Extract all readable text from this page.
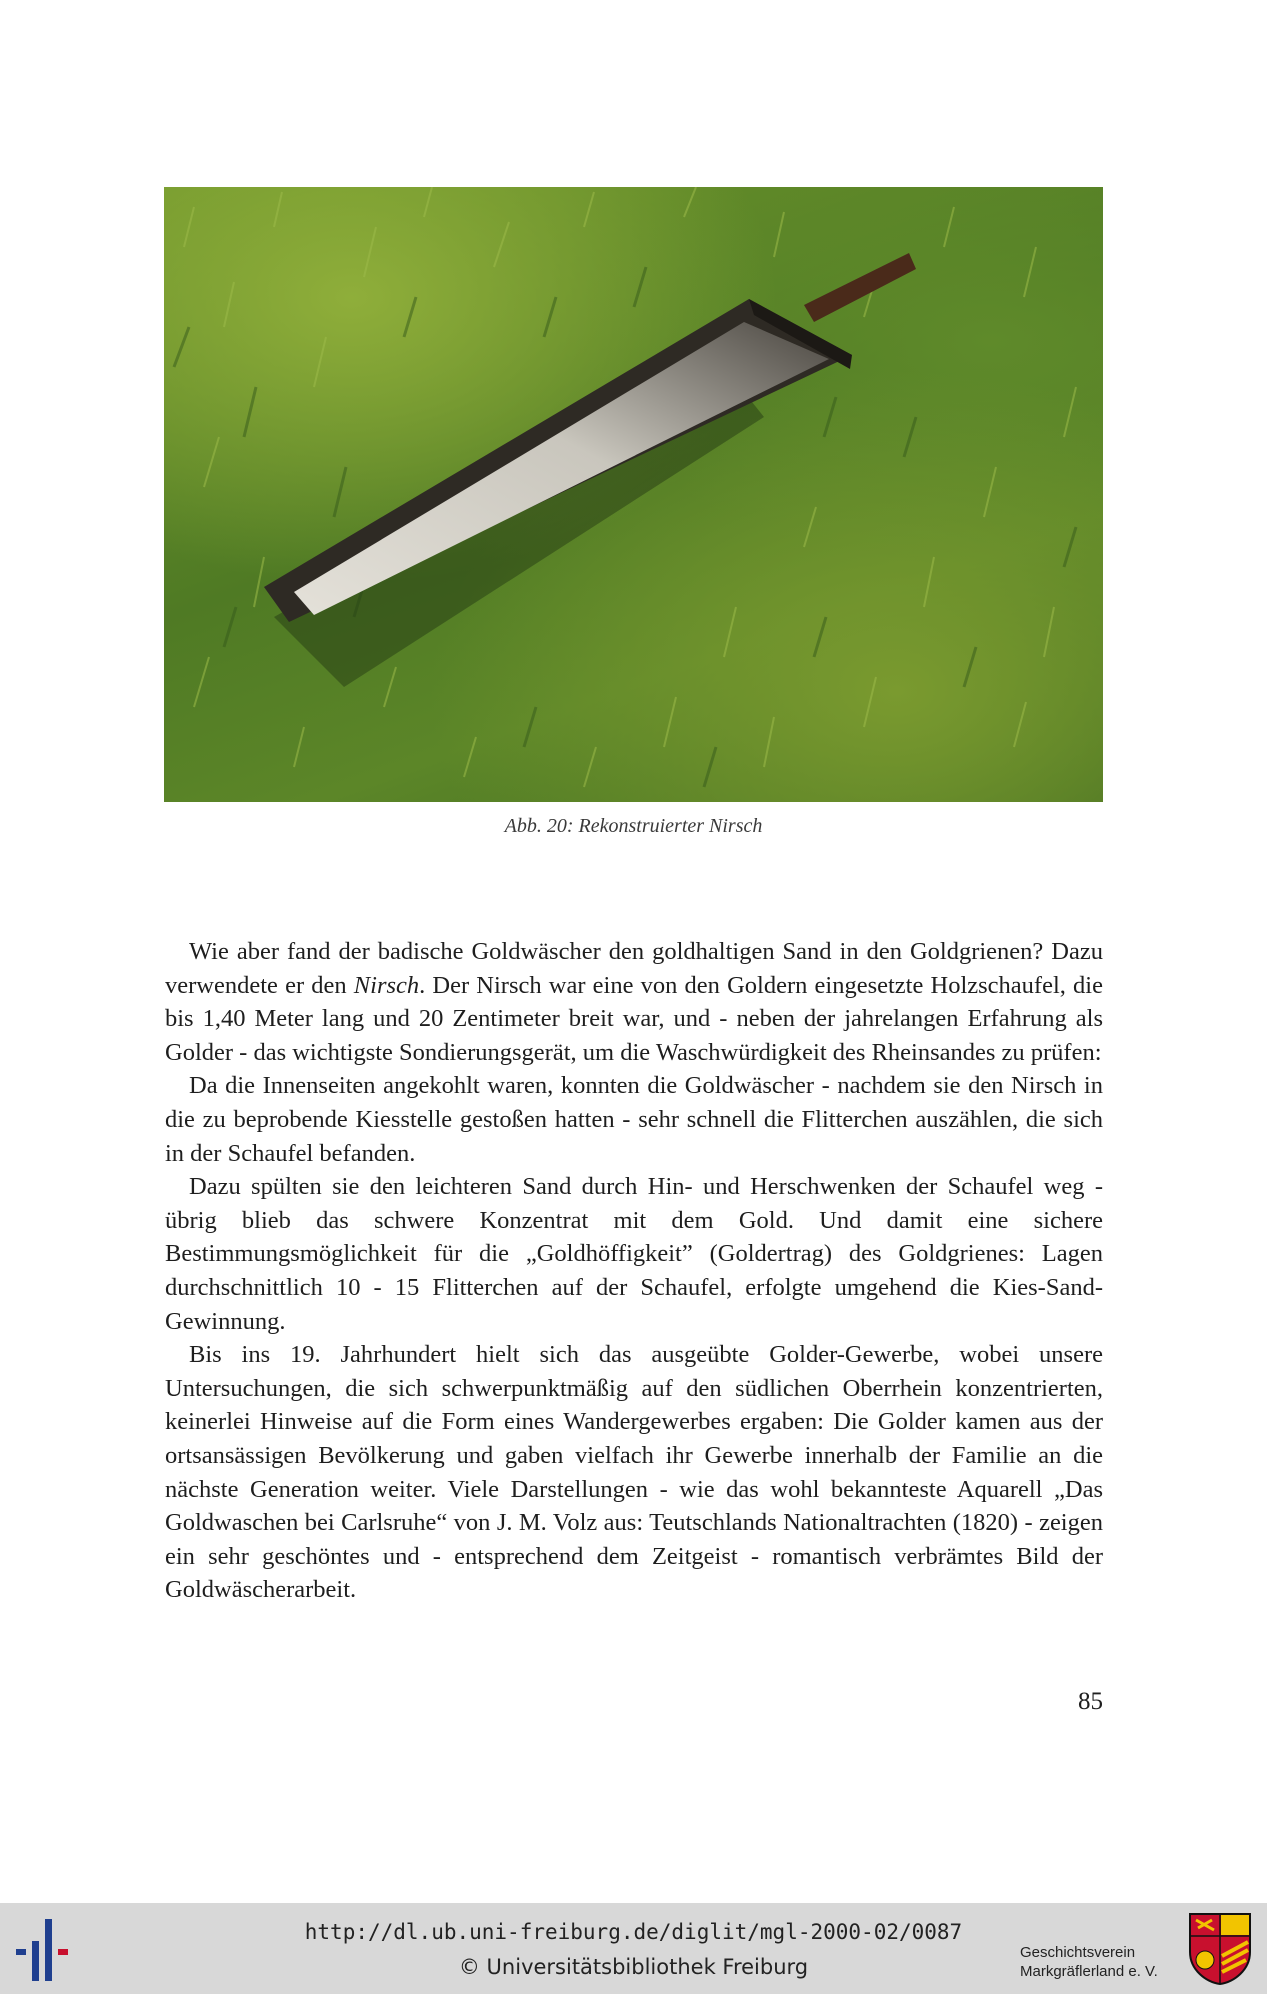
Abb. 20: Rekonstruierter Nirsch

Wie aber fand der badische Goldwäscher den goldhaltigen Sand in den Goldgrienen? Dazu verwendete er den Nirsch. Der Nirsch war eine von den Goldern eingesetzte Holzschaufel, die bis 1,40 Meter lang und 20 Zentimeter breit war, und - neben der jahrelangen Erfahrung als Golder - das wichtigste Sondierungsgerät, um die Waschwürdigkeit des Rheinsandes zu prüfen:

Da die Innenseiten angekohlt waren, konnten die Goldwäscher - nachdem sie den Nirsch in die zu beprobende Kiesstelle gestoßen hatten - sehr schnell die Flitterchen auszählen, die sich in der Schaufel befanden.

Dazu spülten sie den leichteren Sand durch Hin- und Herschwenken der Schaufel weg - übrig blieb das schwere Konzentrat mit dem Gold. Und damit eine sichere Bestimmungsmöglichkeit für die „Goldhöffigkeit” (Goldertrag) des Goldgrienes: Lagen durchschnittlich 10 - 15 Flitterchen auf der Schaufel, erfolgte umgehend die Kies-Sand-Gewinnung.

Bis ins 19. Jahrhundert hielt sich das ausgeübte Golder-Gewerbe, wobei unsere Untersuchungen, die sich schwerpunktmäßig auf den südlichen Oberrhein konzentrierten, keinerlei Hinweise auf die Form eines Wandergewerbes ergaben: Die Golder kamen aus der ortsansässigen Bevölkerung und gaben vielfach ihr Gewerbe innerhalb der Familie an die nächste Generation weiter. Viele Darstellungen - wie das wohl bekannteste Aquarell „Das Goldwaschen bei Carlsruhe“ von J. M. Volz aus: Teutschlands Nationaltrachten (1820) - zeigen ein sehr geschöntes und - entsprechend dem Zeitgeist - romantisch verbrämtes Bild der Goldwäscherarbeit.

85
http://dl.ub.uni-freiburg.de/diglit/mgl-2000-02/0087
© Universitätsbibliothek Freiburg
Geschichtsverein
Markgräflerland e. V.
